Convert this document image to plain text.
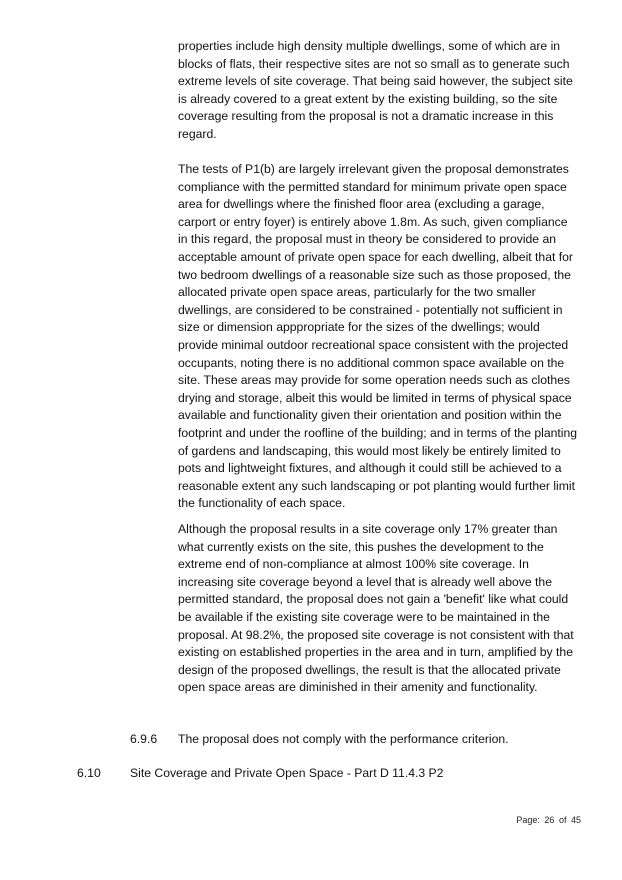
properties include high density multiple dwellings, some of which are in blocks of flats, their respective sites are not so small as to generate such extreme levels of site coverage. That being said however, the subject site is already covered to a great extent by the existing building, so the site coverage resulting from the proposal is not a dramatic increase in this regard.

The tests of P1(b) are largely irrelevant given the proposal demonstrates compliance with the permitted standard for minimum private open space area for dwellings where the finished floor area (excluding a garage, carport or entry foyer) is entirely above 1.8m. As such, given compliance in this regard, the proposal must in theory be considered to provide an acceptable amount of private open space for each dwelling, albeit that for two bedroom dwellings of a reasonable size such as those proposed, the allocated private open space areas, particularly for the two smaller dwellings, are considered to be constrained - potentially not sufficient in size or dimension apppropriate for the sizes of the dwellings; would provide minimal outdoor recreational space consistent with the projected occupants, noting there is no additional common space available on the site. These areas may provide for some operation needs such as clothes drying and storage, albeit this would be limited in terms of physical space available and functionality given their orientation and position within the footprint and under the roofline of the building; and in terms of the planting of gardens and landscaping, this would most likely be entirely limited to pots and lightweight fixtures, and although it could still be achieved to a reasonable extent any such landscaping or pot planting would further limit the functionality of each space.

Although the proposal results in a site coverage only 17% greater than what currently exists on the site, this pushes the development to the extreme end of non-compliance at almost 100% site coverage. In increasing site coverage beyond a level that is already well above the permitted standard, the proposal does not gain a 'benefit' like what could be available if the existing site coverage were to be maintained in the proposal. At 98.2%, the proposed site coverage is not consistent with that existing on established properties in the area and in turn, amplified by the design of the proposed dwellings, the result is that the allocated private open space areas are diminished in their amenity and functionality.

6.9.6 The proposal does not comply with the performance criterion.
6.10 Site Coverage and Private Open Space - Part D 11.4.3 P2
Page: 26 of 45
